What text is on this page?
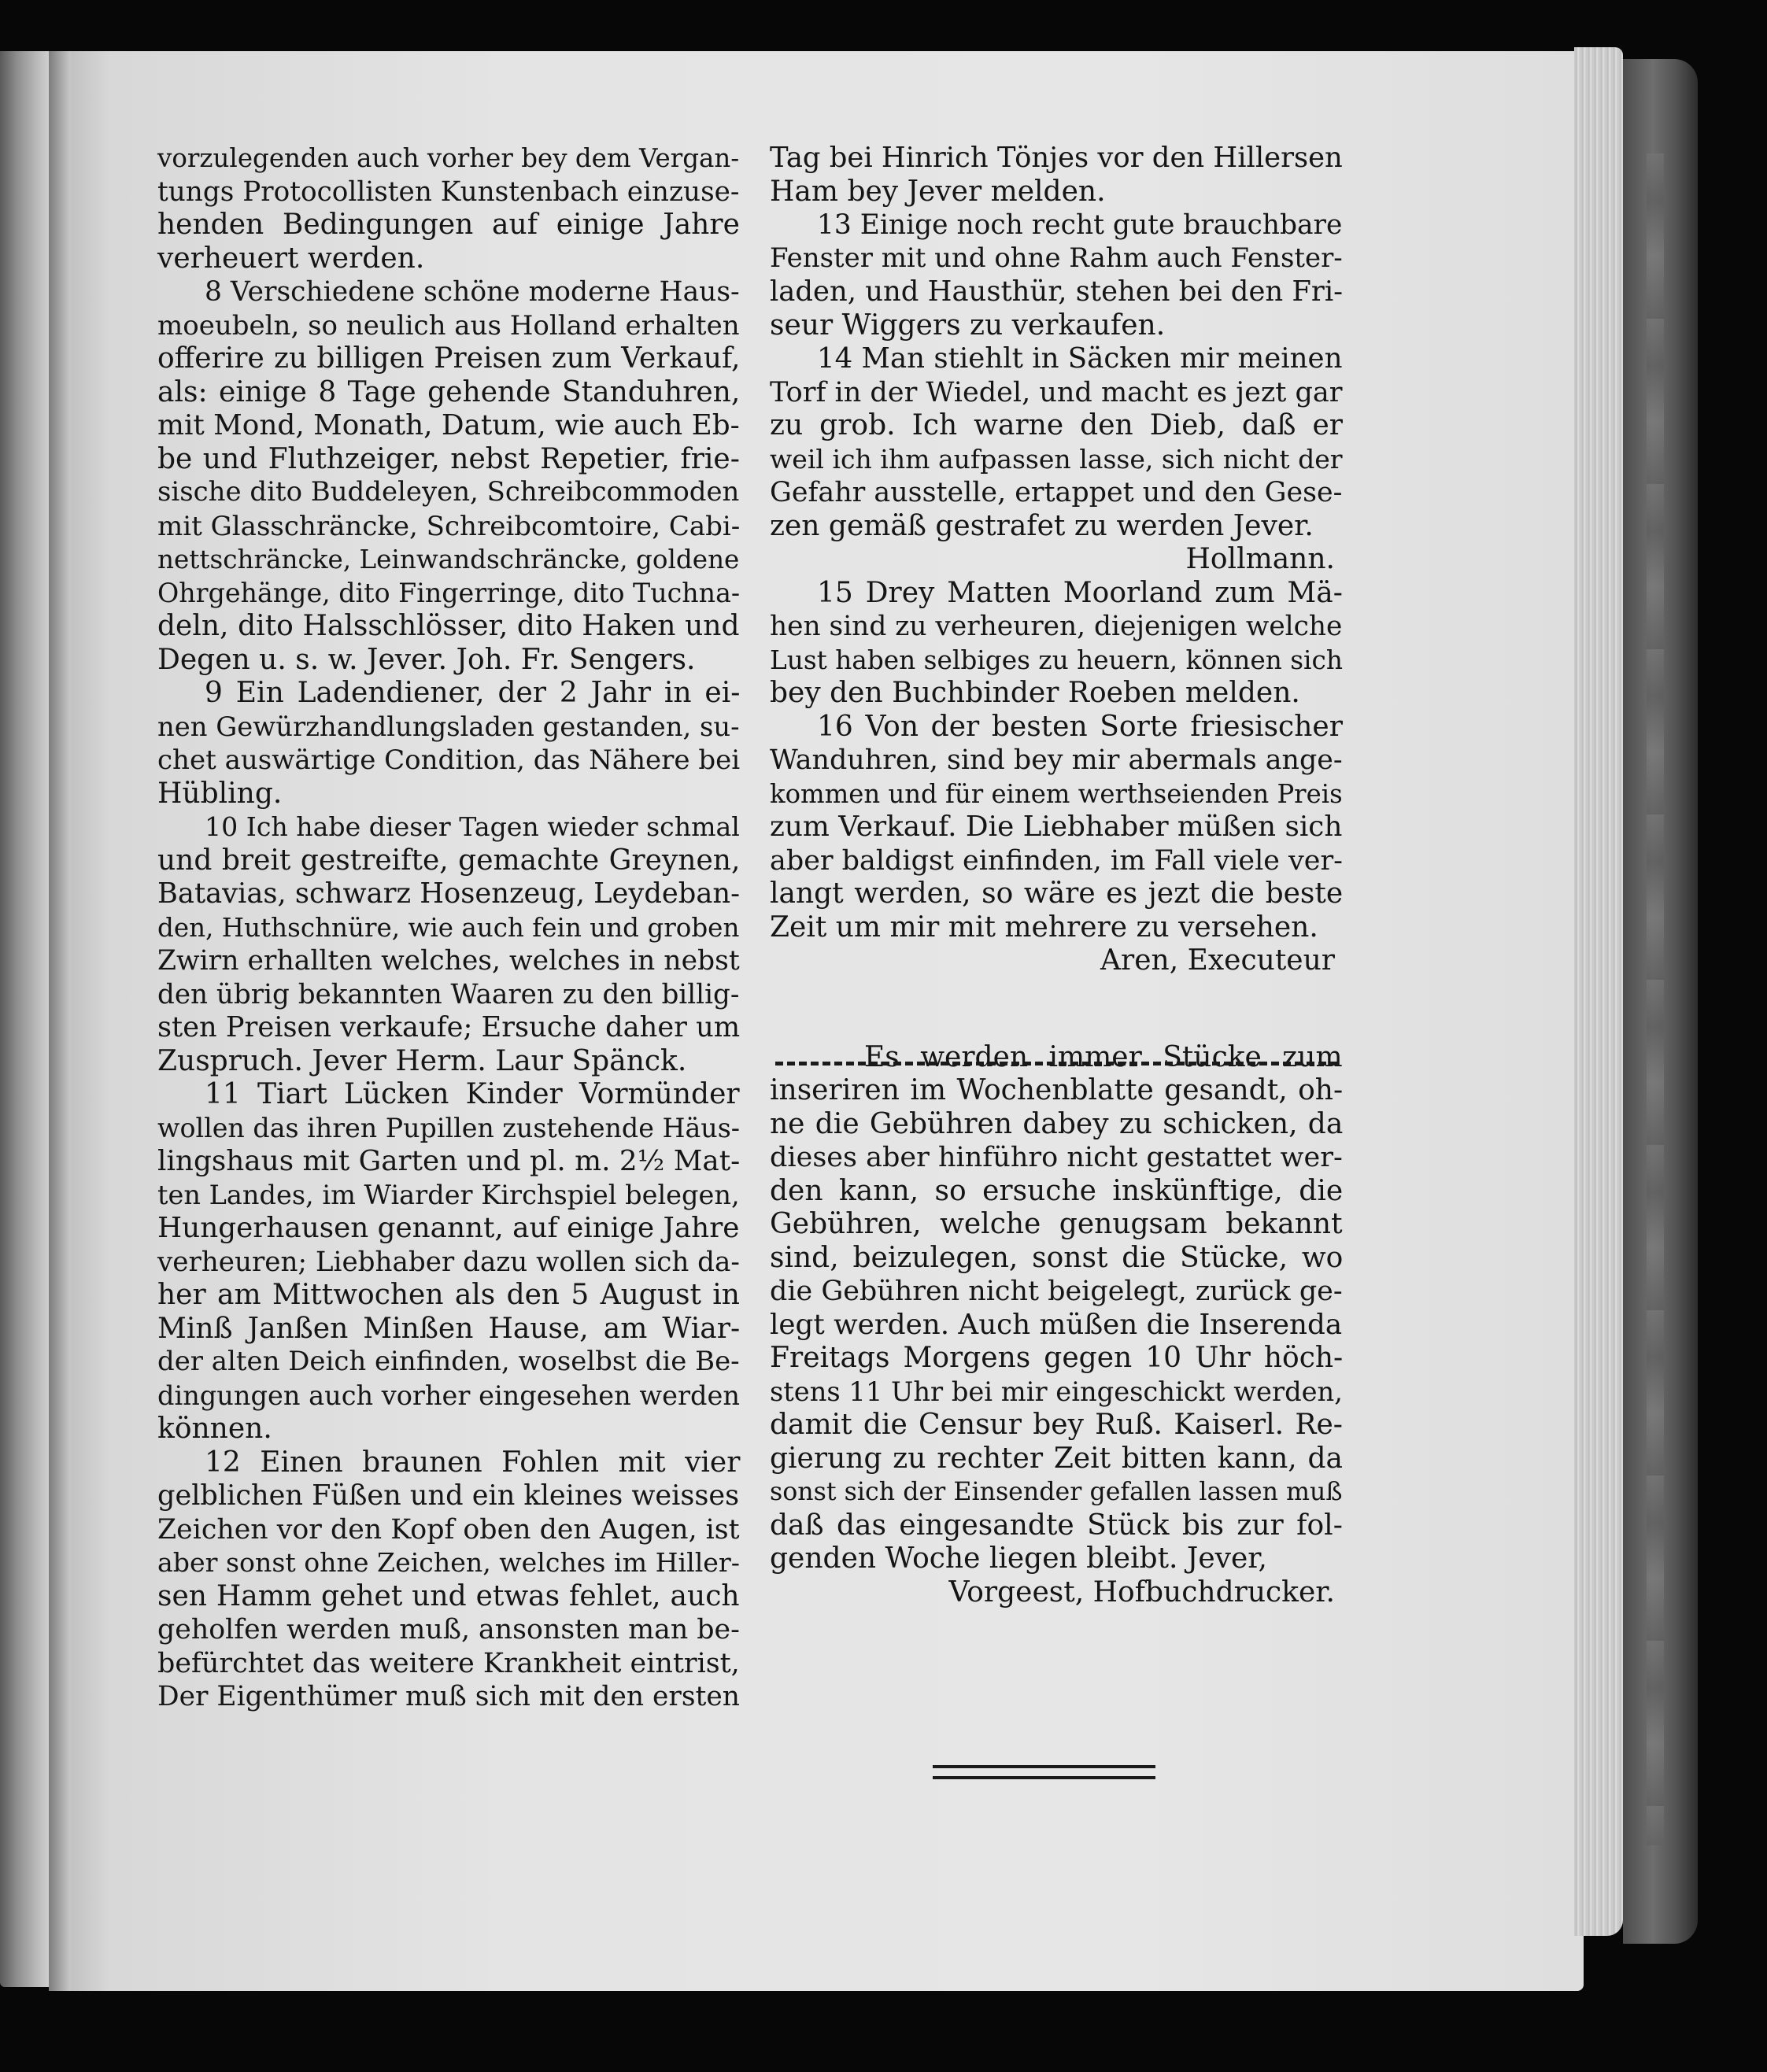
vorzulegenden auch vorher bey dem Vergan-
tungs Protocollisten Kunstenbach einzuse-
henden Bedingungen auf einige Jahre
verheuert werden.

8 Verschiedene schöne moderne Haus-
moeubeln, so neulich aus Holland erhalten
offerire zu billigen Preisen zum Verkauf,
als: einige 8 Tage gehende Standuhren,
mit Mond, Monath, Datum, wie auch Eb-
be und Fluthzeiger, nebst Repetier, frie-
sische dito Buddeleyen, Schreibcommoden
mit Glasschräncke, Schreibcomtoire, Cabi-
nettschräncke, Leinwandschräncke, goldene
Ohrgehänge, dito Fingerringe, dito Tuchna-
deln, dito Halsschlösser, dito Haken und
Degen u. s. w. Jever. Joh. Fr. Sengers.

9 Ein Ladendiener, der 2 Jahr in ei-
nen Gewürzhandlungsladen gestanden, su-
chet auswärtige Condition, das Nähere bei
Hübling.

10 Ich habe dieser Tagen wieder schmal
und breit gestreifte, gemachte Greynen,
Batavias, schwarz Hosenzeug, Leydeban-
den, Huthschnüre, wie auch fein und groben
Zwirn erhallten welches, welches in nebst
den übrig bekannten Waaren zu den billig-
sten Preisen verkaufe; Ersuche daher um
Zuspruch. Jever Herm. Laur Spänck.

11 Tiart Lücken Kinder Vormünder
wollen das ihren Pupillen zustehende Häus-
lingshaus mit Garten und pl. m. 2½ Mat-
ten Landes, im Wiarder Kirchspiel belegen,
Hungerhausen genannt, auf einige Jahre
verheuren; Liebhaber dazu wollen sich da-
her am Mittwochen als den 5 August in
Minß Janßen Minßen Hause, am Wiar-
der alten Deich einfinden, woselbst die Be-
dingungen auch vorher eingesehen werden
können.

12 Einen braunen Fohlen mit vier
gelblichen Füßen und ein kleines weisses
Zeichen vor den Kopf oben den Augen, ist
aber sonst ohne Zeichen, welches im Hiller-
sen Hamm gehet und etwas fehlet, auch
geholfen werden muß, ansonsten man be-
befürchtet das weitere Krankheit eintrist,
Der Eigenthümer muß sich mit den ersten

Tag bei Hinrich Tönjes vor den Hillersen
Ham bey Jever melden.

13 Einige noch recht gute brauchbare
Fenster mit und ohne Rahm auch Fenster-
laden, und Hausthür, stehen bei den Fri-
seur Wiggers zu verkaufen.

14 Man stiehlt in Säcken mir meinen
Torf in der Wiedel, und macht es jezt gar
zu grob. Ich warne den Dieb, daß er
weil ich ihm aufpassen lasse, sich nicht der
Gefahr ausstelle, ertappet und den Gese-
zen gemäß gestrafet zu werden Jever.
Hollmann.

15 Drey Matten Moorland zum Mä-
hen sind zu verheuren, diejenigen welche
Lust haben selbiges zu heuern, können sich
bey den Buchbinder Roeben melden.

16 Von der besten Sorte friesischer
Wanduhren, sind bey mir abermals ange-
kommen und für einem werthseienden Preis
zum Verkauf. Die Liebhaber müßen sich
aber baldigst einfinden, im Fall viele ver-
langt werden, so wäre es jezt die beste
Zeit um mir mit mehrere zu versehen.
Aren, Executeur

Es werden immer Stücke zum
inseriren im Wochenblatte gesandt, oh-
ne die Gebühren dabey zu schicken, da
dieses aber hinführo nicht gestattet wer-
den kann, so ersuche inskünftige, die
Gebühren, welche genugsam bekannt
sind, beizulegen, sonst die Stücke, wo
die Gebühren nicht beigelegt, zurück ge-
legt werden. Auch müßen die Inserenda
Freitags Morgens gegen 10 Uhr höch-
stens 11 Uhr bei mir eingeschickt werden,
damit die Censur bey Ruß. Kaiserl. Re-
gierung zu rechter Zeit bitten kann, da
sonst sich der Einsender gefallen lassen muß
daß das eingesandte Stück bis zur fol-
genden Woche liegen bleibt. Jever,
Vorgeest, Hofbuchdrucker.
